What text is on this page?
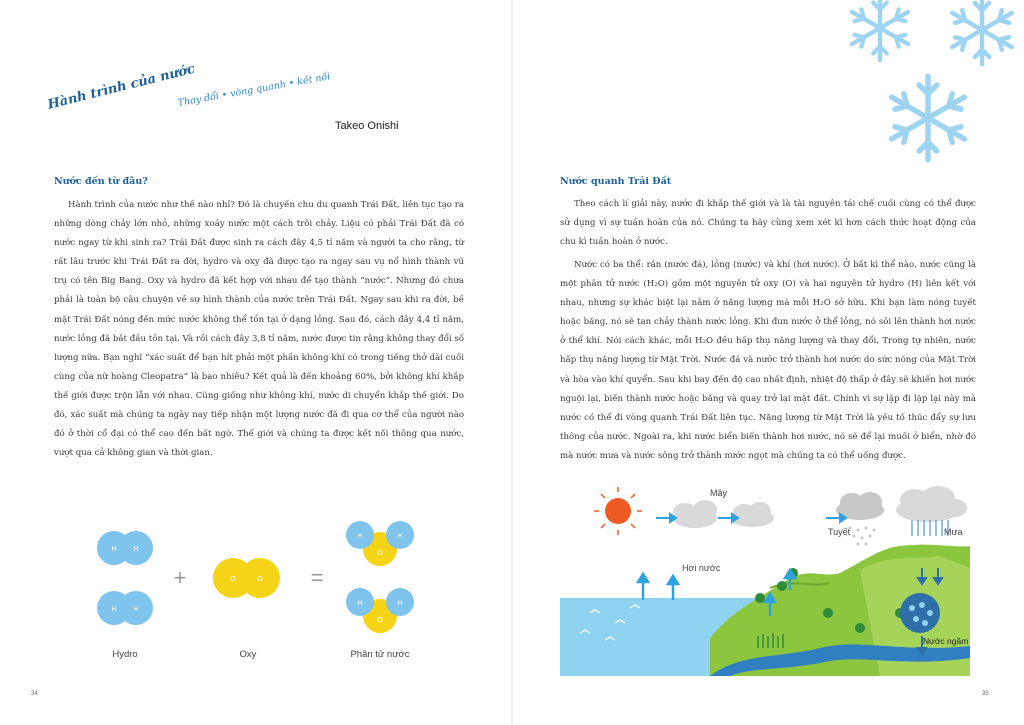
Hành trình của nước
Thay đổi • vòng quanh • kết nối
Takeo Onishi
Nước đến từ đâu?

Hành trình của nước như thế nào nhỉ? Đó là chuyến chu du quanh Trái Đất, liên tục tạo ra những dòng chảy lớn nhỏ, những xoáy nước một cách trôi chảy. Liệu có phải Trái Đất đã có nước ngay từ khi sinh ra? Trái Đất được sinh ra cách đây 4,5 tỉ năm và người ta cho rằng, từ rất lâu trước khi Trái Đất ra đời, hydro và oxy đã được tạo ra ngay sau vụ nổ hình thành vũ trụ có tên Big Bang. Oxy và hydro đã kết hợp với nhau để tạo thành “nước”. Nhưng đó chưa phải là toàn bộ câu chuyện về sự hình thành của nước trên Trái Đất. Ngay sau khi ra đời, bề mặt Trái Đất nóng đến mức nước không thể tồn tại ở dạng lỏng. Sau đó, cách đây 4,4 tỉ năm, nước lỏng đã bắt đầu tồn tại. Và rồi cách đây 3,8 tỉ năm, nước được tin rằng không thay đổi số lượng nữa. Bạn nghĩ “xác suất để bạn hít phải một phần không khí có trong tiếng thở dài cuối cùng của nữ hoàng Cleopatra” là bao nhiêu? Kết quả là đến khoảng 60%, bởi không khí khắp thế giới được trộn lẫn với nhau. Cũng giống như không khí, nước di chuyển khắp thế giới. Do đó, xác suất mà chúng ta ngày nay tiếp nhận một lượng nước đã đi qua cơ thể của người nào đó ở thời cổ đại có thể cao đến bất ngờ. Thế giới và chúng ta được kết nối thông qua nước, vượt qua cả không gian và thời gian.

H H
H H
+	O	O =
H	H
O
H	H
O
Hydro	Oxy	Phân tử nước
34
Nước quanh Trái Đất

Theo cách lí giải này, nước đi khắp thế giới và là tài nguyên tái chế cuối cùng có thể được sử dụng vì sự tuần hoàn của nó. Chúng ta hãy cùng xem xét kĩ hơn cách thức hoạt động của chu kì tuần hoàn ở nước.

Nước có ba thể: rắn (nước đá), lỏng (nước) và khí (hơi nước). Ở bất kì thể nào, nước cũng là một phân tử nước (H₂O) gồm một nguyên tử oxy (O) và hai nguyên tử hydro (H) liên kết với nhau, nhưng sự khác biệt lại nằm ở năng lượng mà mỗi H₂O sở hữu. Khi bạn làm nóng tuyết hoặc băng, nó sẽ tan chảy thành nước lỏng. Khi đun nước ở thể lỏng, nó sôi lên thành hơi nước ở thể khí. Nói cách khác, mỗi H₂O đều hấp thụ năng lượng và thay đổi. Trong tự nhiên, nước hấp thụ năng lượng từ Mặt Trời. Nước đá và nước trở thành hơi nước do sức nóng của Mặt Trời và hòa vào khí quyển. Sau khi bay đến độ cao nhất định, nhiệt độ thấp ở đây sẽ khiến hơi nước nguội lại, biến thành nước hoặc băng và quay trở lại mặt đất. Chính vì sự lặp đi lặp lại này mà nước có thể đi vòng quanh Trái Đất liên tục. Năng lượng từ Mặt Trời là yếu tố thúc đẩy sự lưu thông của nước. Ngoài ra, khi nước biển biến thành hơi nước, nó sẽ để lại muối ở biển, nhờ đó mà nước mưa và nước sông trở thành nước ngọt mà chúng ta có thể uống được.

Mây
Tuyết	Mưa
Hơi nước
Nước ngầm
35
